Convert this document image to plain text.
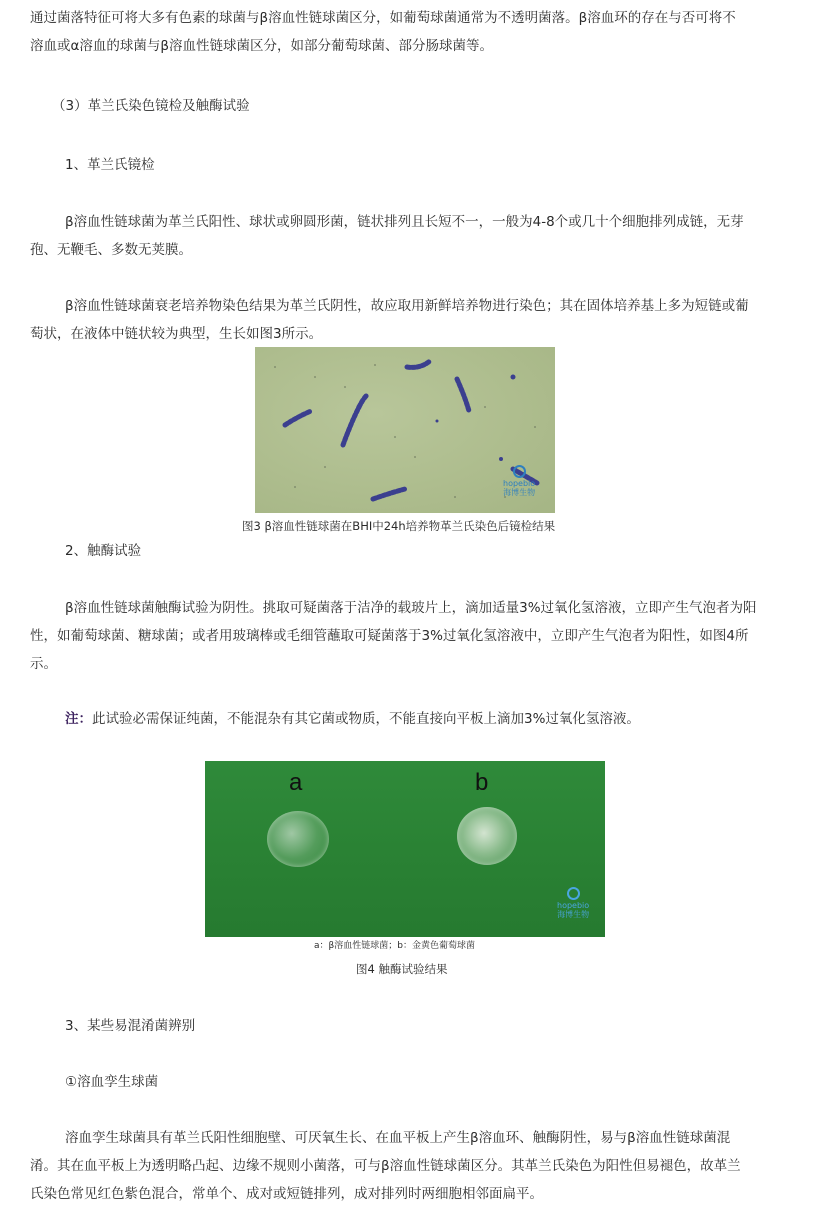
通过菌落特征可将大多有色素的球菌与β溶血性链球菌区分，如葡萄球菌通常为不透明菌落。β溶血环的存在与否可将不
溶血或α溶血的球菌与β溶血性链球菌区分，如部分葡萄球菌、部分肠球菌等。
（3）革兰氏染色镜检及触酶试验
1、革兰氏镜检
β溶血性链球菌为革兰氏阳性、球状或卵圆形菌，链状排列且长短不一，一般为4-8个或几十个细胞排列成链，无芽
孢、无鞭毛、多数无荚膜。
β溶血性链球菌衰老培养物染色结果为革兰氏阴性，故应取用新鲜培养物进行染色；其在固体培养基上多为短链或葡
萄状，在液体中链状较为典型，生长如图3所示。
hopebio
海博生物
图3 β溶血性链球菌在BHI中24h培养物革兰氏染色后镜检结果
2、触酶试验
β溶血性链球菌触酶试验为阴性。挑取可疑菌落于洁净的载玻片上，滴加适量3%过氧化氢溶液，立即产生气泡者为阳
性，如葡萄球菌、糖球菌；或者用玻璃棒或毛细管蘸取可疑菌落于3%过氧化氢溶液中，立即产生气泡者为阳性，如图4所
示。
注：此试验必需保证纯菌，不能混杂有其它菌或物质，不能直接向平板上滴加3%过氧化氢溶液。
a	b
hopebio
海博生物
a：β溶血性链球菌；b：金黄色葡萄球菌
图4 触酶试验结果
3、某些易混淆菌辨别
①溶血孪生球菌
溶血孪生球菌具有革兰氏阳性细胞壁、可厌氧生长、在血平板上产生β溶血环、触酶阴性，易与β溶血性链球菌混
淆。其在血平板上为透明略凸起、边缘不规则小菌落，可与β溶血性链球菌区分。其革兰氏染色为阳性但易褪色，故革兰
氏染色常见红色紫色混合，常单个、成对或短链排列，成对排列时两细胞相邻面扁平。
